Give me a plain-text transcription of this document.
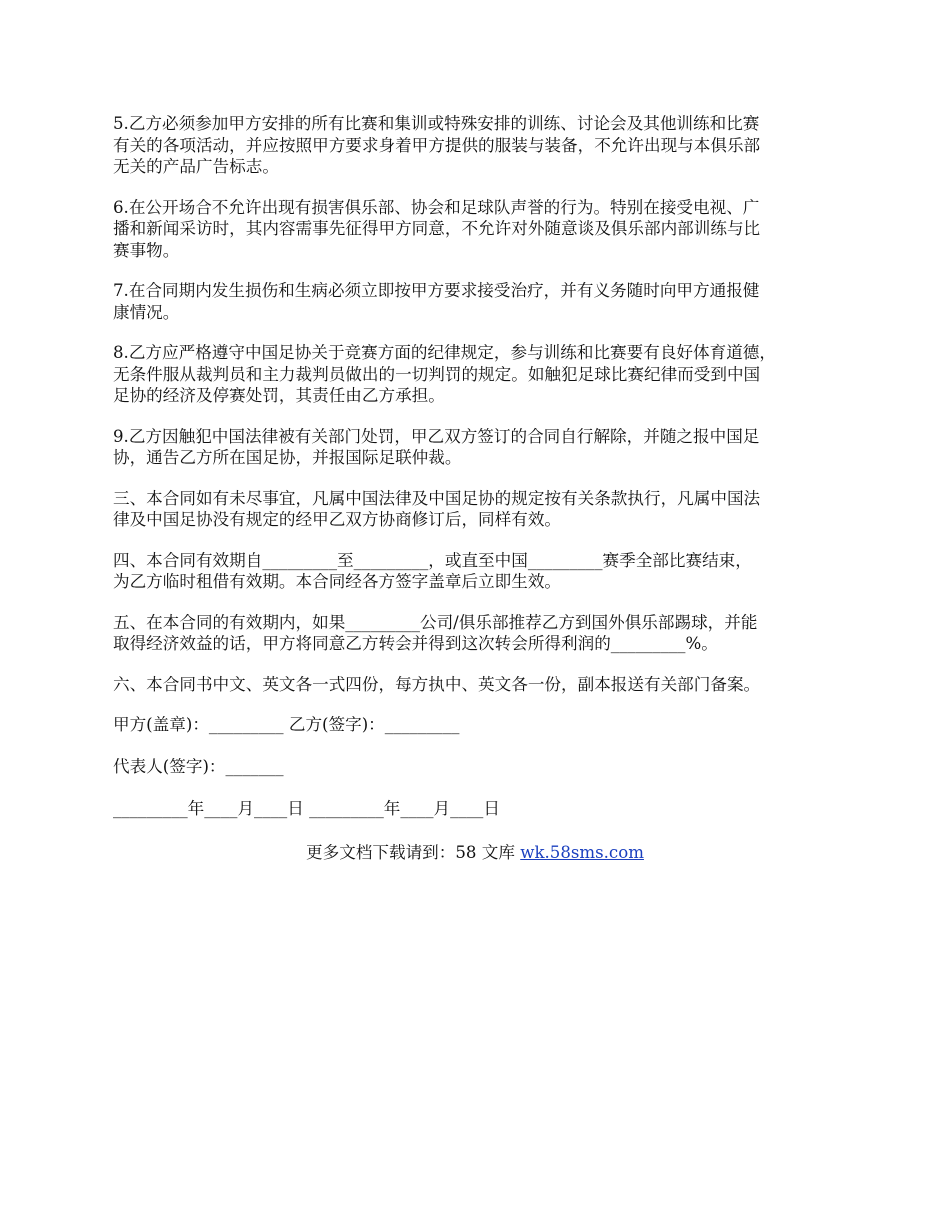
5.乙方必须参加甲方安排的所有比赛和集训或特殊安排的训练、讨论会及其他训练和比赛
有关的各项活动，并应按照甲方要求身着甲方提供的服装与装备，不允许出现与本俱乐部
无关的产品广告标志。

6.在公开场合不允许出现有损害俱乐部、协会和足球队声誉的行为。特别在接受电视、广
播和新闻采访时，其内容需事先征得甲方同意，不允许对外随意谈及俱乐部内部训练与比
赛事物。

7.在合同期内发生损伤和生病必须立即按甲方要求接受治疗，并有义务随时向甲方通报健
康情况。

8.乙方应严格遵守中国足协关于竞赛方面的纪律规定，参与训练和比赛要有良好体育道德，
无条件服从裁判员和主力裁判员做出的一切判罚的规定。如触犯足球比赛纪律而受到中国
足协的经济及停赛处罚，其责任由乙方承担。

9.乙方因触犯中国法律被有关部门处罚，甲乙双方签订的合同自行解除，并随之报中国足
协，通告乙方所在国足协，并报国际足联仲裁。

三、本合同如有未尽事宜，凡属中国法律及中国足协的规定按有关条款执行，凡属中国法
律及中国足协没有规定的经甲乙双方协商修订后，同样有效。

四、本合同有效期自_________至_________，或直至中国_________赛季全部比赛结束，
为乙方临时租借有效期。本合同经各方签字盖章后立即生效。

五、在本合同的有效期内，如果_________公司/俱乐部推荐乙方到国外俱乐部踢球，并能
取得经济效益的话，甲方将同意乙方转会并得到这次转会所得利润的_________%。

六、本合同书中文、英文各一式四份，每方执中、英文各一份，副本报送有关部门备案。

甲方(盖章)：_________ 乙方(签字)：_________

代表人(签字)：_______

_________年____月____日 _________年____月____日

更多文档下载请到：58 文库 wk.58sms.com
